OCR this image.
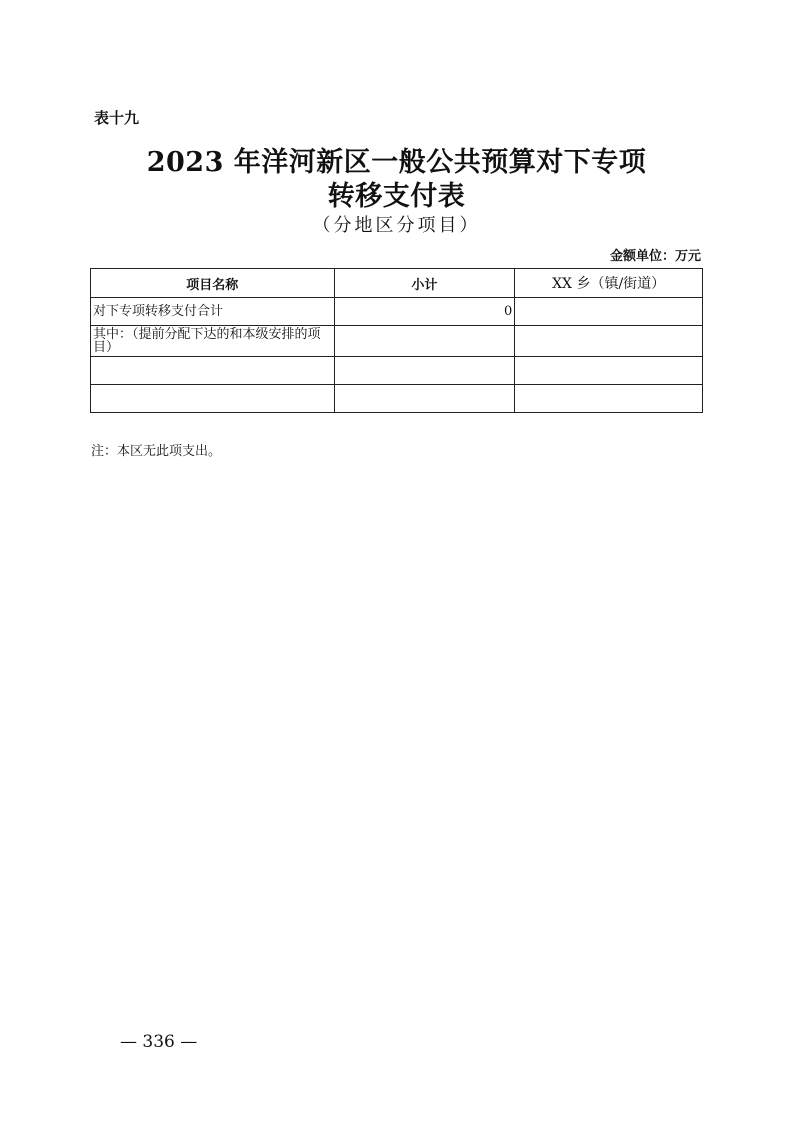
表十九
2023 年洋河新区一般公共预算对下专项
转移支付表
（分地区分项目）
金额单位：万元
项目名称	小计	XX 乡（镇/街道）
对下专项转移支付合计	0	
其中：（提前分配下达的和本级安排的项目）		

注：本区无此项支出。
— 336 —
